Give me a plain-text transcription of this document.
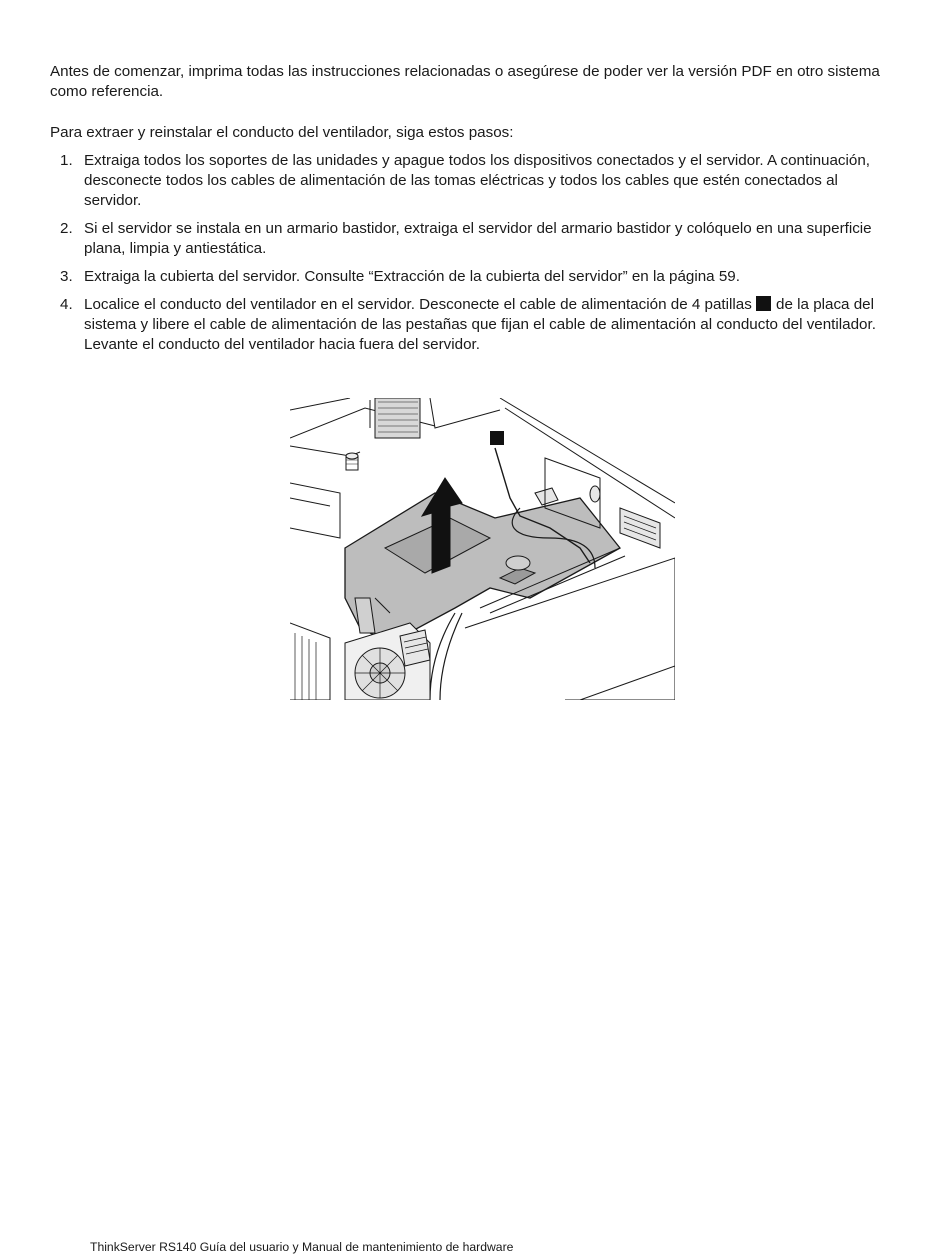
Antes de comenzar, imprima todas las instrucciones relacionadas o asegúrese de poder ver la versión PDF en otro sistema como referencia.

Para extraer y reinstalar el conducto del ventilador, siga estos pasos:

1. Extraiga todos los soportes de las unidades y apague todos los dispositivos conectados y el servidor. A continuación, desconecte todos los cables de alimentación de las tomas eléctricas y todos los cables que estén conectados al servidor.
2. Si el servidor se instala en un armario bastidor, extraiga el servidor del armario bastidor y colóquelo en una superficie plana, limpia y antiestática.
3. Extraiga la cubierta del servidor. Consulte “Extracción de la cubierta del servidor” en la página 59.
4. Localice el conducto del ventilador en el servidor. Desconecte el cable de alimentación de 4 patillas de la placa del sistema y libere el cable de alimentación de las pestañas que fijan el cable de alimentación al conducto del ventilador. Levante el conducto del ventilador hacia fuera del servidor.
ThinkServer RS140 Guía del usuario y Manual de mantenimiento de hardware
